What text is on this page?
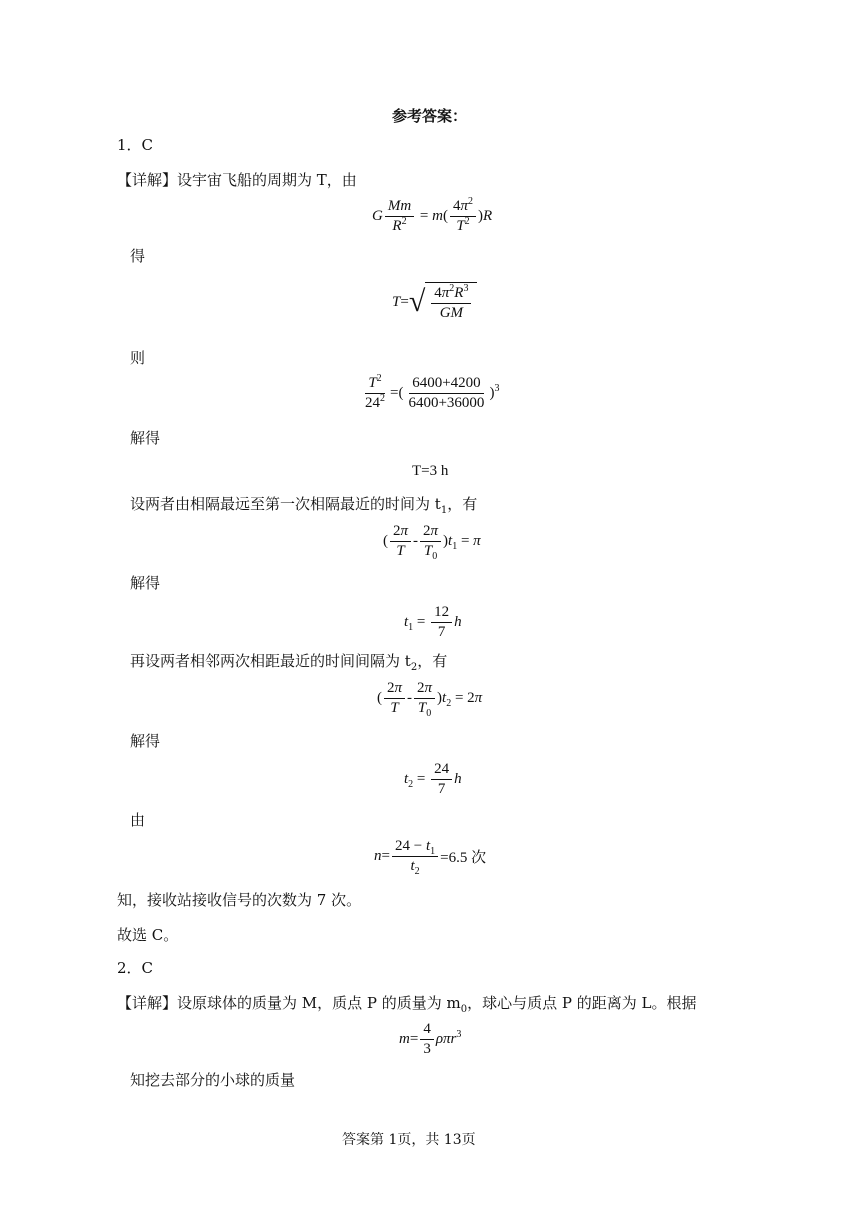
参考答案：
1．C
【详解】设宇宙飞船的周期为 T，由
G $\frac{Mm}{R^2} = m$ ( $\frac{4\pi^2}{T^2}$ ) R
得
T = √ $\frac{4\pi^2R^3}{GM}$
则
$\frac{T^2}{24^2}$ =( $\frac{6400+4200}{6400+36000} )^3$
解得
T=3 h
设两者由相隔最远至第一次相隔最近的时间为 $t_1$，有
( $\frac{2\pi}{T} - \frac{2\pi}{T_0} )t_1 = \pi$
解得
$t_1 = \frac{12}{7}$ h
再设两者相邻两次相距最近的时间间隔为 $t_2$，有
( $\frac{2\pi}{T} - \frac{2\pi}{T_0} )t_2 = 2\pi$
解得
$t_2 = \frac{24}{7}$ h
由
$n = \frac{24 - t_1}{t_2} =6.5$ 次
知，接收站接收信号的次数为 7 次。
故选 C。
2．C
【详解】设原球体的质量为 M，质点 P 的质量为 $m_0$，球心与质点 P 的距离为 L。根据
$m = \frac{4}{3} \rho\pi r^3$
知挖去部分的小球的质量
答案第 1页，共 13页
